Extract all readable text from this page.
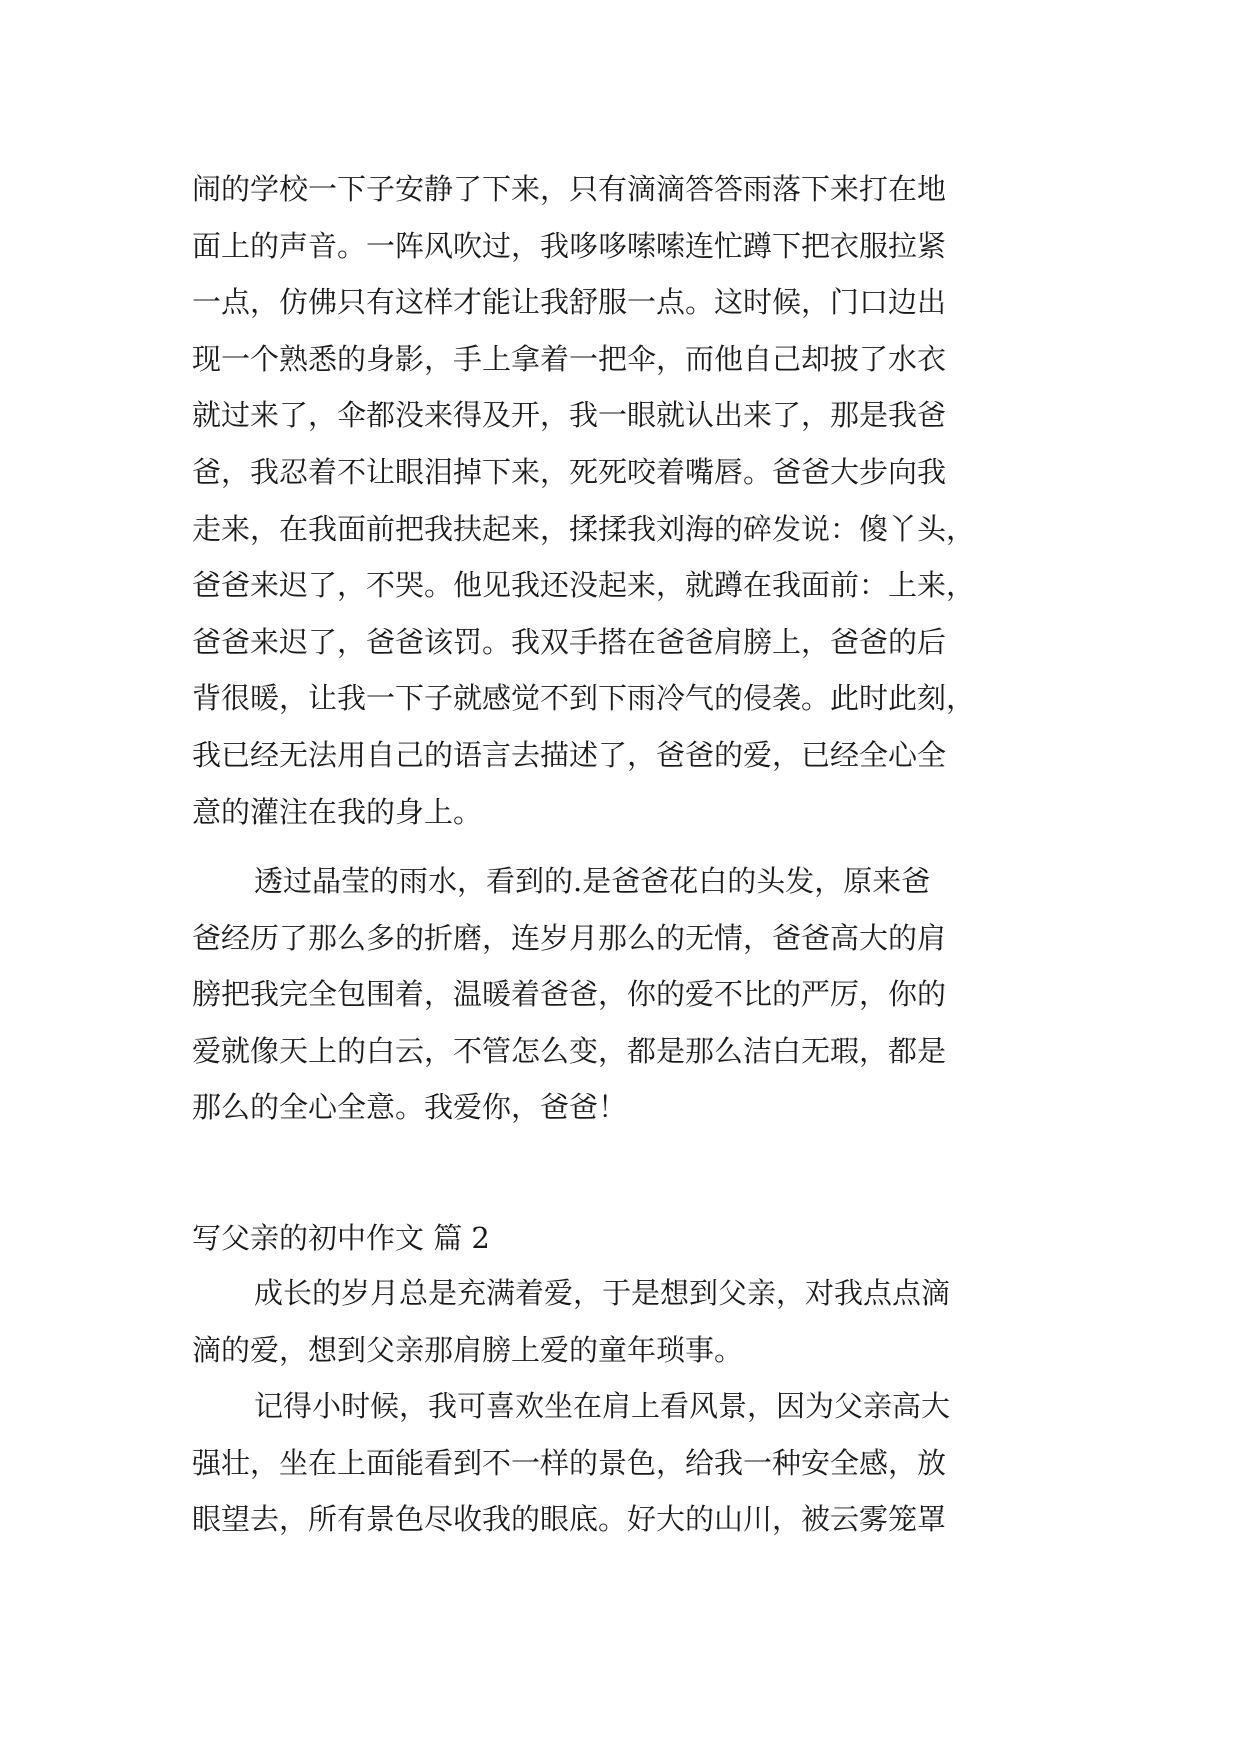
闹的学校一下子安静了下来，只有滴滴答答雨落下来打在地
面上的声音。一阵风吹过，我哆哆嗦嗦连忙蹲下把衣服拉紧
一点，仿佛只有这样才能让我舒服一点。这时候，门口边出
现一个熟悉的身影，手上拿着一把伞，而他自己却披了水衣
就过来了，伞都没来得及开，我一眼就认出来了，那是我爸
爸，我忍着不让眼泪掉下来，死死咬着嘴唇。爸爸大步向我
走来，在我面前把我扶起来，揉揉我刘海的碎发说：傻丫头，
爸爸来迟了，不哭。他见我还没起来，就蹲在我面前：上来，
爸爸来迟了，爸爸该罚。我双手搭在爸爸肩膀上，爸爸的后
背很暖，让我一下子就感觉不到下雨冷气的侵袭。此时此刻，
我已经无法用自己的语言去描述了，爸爸的爱，已经全心全
意的灌注在我的身上。
透过晶莹的雨水，看到的.是爸爸花白的头发，原来爸
爸经历了那么多的折磨，连岁月那么的无情，爸爸高大的肩
膀把我完全包围着，温暖着爸爸，你的爱不比的严厉，你的
爱就像天上的白云，不管怎么变，都是那么洁白无瑕，都是
那么的全心全意。我爱你，爸爸！
写父亲的初中作文 篇 2
成长的岁月总是充满着爱，于是想到父亲，对我点点滴
滴的爱，想到父亲那肩膀上爱的童年琐事。
记得小时候，我可喜欢坐在肩上看风景，因为父亲高大
强壮，坐在上面能看到不一样的景色，给我一种安全感，放
眼望去，所有景色尽收我的眼底。好大的山川，被云雾笼罩
